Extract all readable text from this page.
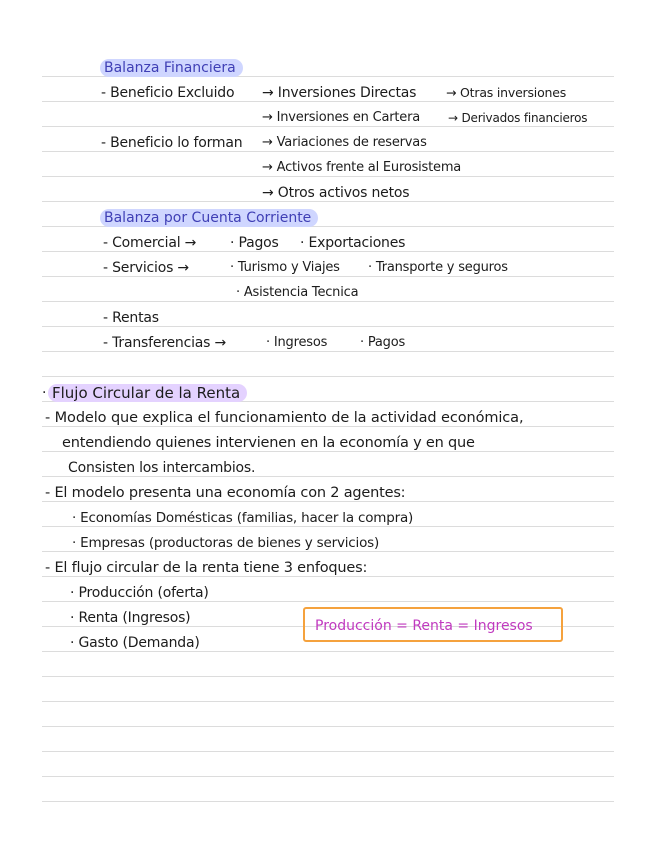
Balanza Financiera
- Beneficio Excluido → Inversiones Directas → Otras inversiones
→ Inversiones en Cartera → Derivados financieros
- Beneficio lo forman → Variaciones de reservas
→ Activos frente al Eurosistema
→ Otros activos netos
Balanza por Cuenta Corriente
- Comercial → · Pagos · Exportaciones
- Servicios →	· Turismo y Viajes · Transporte y seguros
· Asistencia Tecnica
- Rentas
- Transferencias →	· Ingresos	· Pagos
· Flujo Circular de la Renta
- Modelo que explica el funcionamiento de la actividad económica,
entendiendo quienes intervienen en la economía y en que
Consisten los intercambios.
- El modelo presenta una economía con 2 agentes:
· Economías Domésticas (familias, hacer la compra)
· Empresas (productoras de bienes y servicios)
- El flujo circular de la renta tiene 3 enfoques:
· Producción (oferta)
· Renta (Ingresos)
· Gasto (Demanda)
Producción = Renta = Ingresos
